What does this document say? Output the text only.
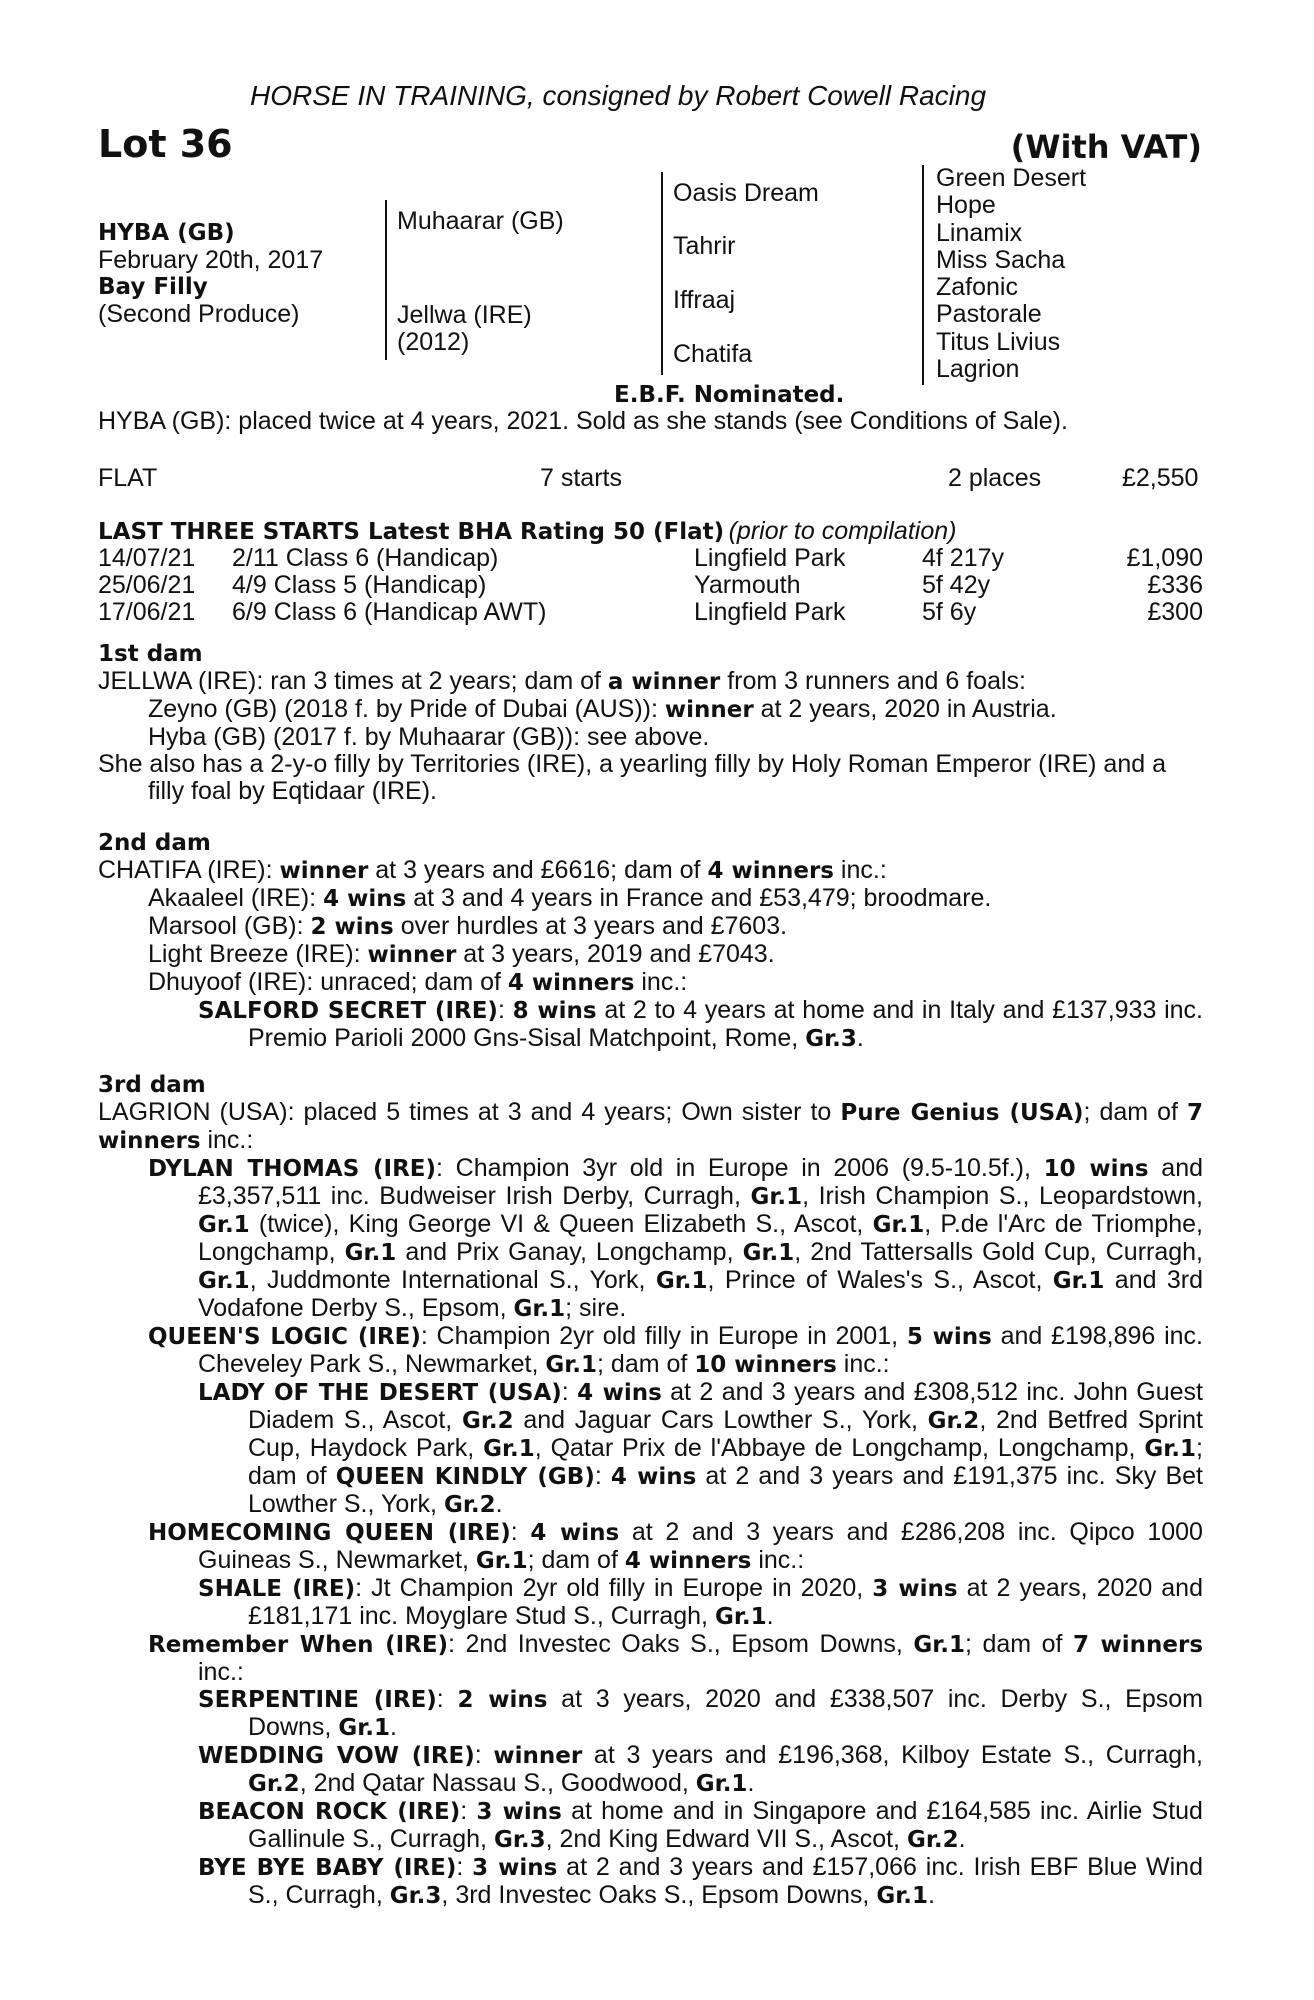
HORSE IN TRAINING, consigned by Robert Cowell Racing
Lot 36	(With VAT)
HYBA (GB)
February 20th, 2017
Bay Filly
(Second Produce)
Muhaarar (GB)
Jellwa (IRE)
(2012)
Oasis Dream
Tahrir
Iffraaj
Chatifa
Green Desert
Hope
Linamix
Miss Sacha
Zafonic
Pastorale
Titus Livius
Lagrion
E.B.F. Nominated.
HYBA (GB): placed twice at 4 years, 2021. Sold as she stands (see Conditions of Sale).
FLAT	7 starts	2 places	£2,550
LAST THREE STARTS Latest BHA Rating 50 (Flat) (prior to compilation)
14/07/21 2/11 Class 6 (Handicap)	Lingfield Park	4f 217y	£1,090
25/06/21 4/9 Class 5 (Handicap)	Yarmouth	5f 42y	£336
17/06/21 6/9 Class 6 (Handicap AWT)	Lingfield Park	5f 6y	£300

1st dam

JELLWA (IRE): ran 3 times at 2 years; dam of a winner from 3 runners and 6 foals:

Zeyno (GB) (2018 f. by Pride of Dubai (AUS)): winner at 2 years, 2020 in Austria.

Hyba (GB) (2017 f. by Muhaarar (GB)): see above.

She also has a 2-y-o filly by Territories (IRE), a yearling filly by Holy Roman Emperor (IRE) and a filly foal by Eqtidaar (IRE).

2nd dam

CHATIFA (IRE): winner at 3 years and £6616; dam of 4 winners inc.:

Akaaleel (IRE): 4 wins at 3 and 4 years in France and £53,479; broodmare.

Marsool (GB): 2 wins over hurdles at 3 years and £7603.

Light Breeze (IRE): winner at 3 years, 2019 and £7043.

Dhuyoof (IRE): unraced; dam of 4 winners inc.:

SALFORD SECRET (IRE): 8 wins at 2 to 4 years at home and in Italy and £137,933 inc. Premio Parioli 2000 Gns-Sisal Matchpoint, Rome, Gr.3.

3rd dam

LAGRION (USA): placed 5 times at 3 and 4 years; Own sister to Pure Genius (USA); dam of 7 winners inc.:

DYLAN THOMAS (IRE): Champion 3yr old in Europe in 2006 (9.5-10.5f.), 10 wins and £3,357,511 inc. Budweiser Irish Derby, Curragh, Gr.1, Irish Champion S., Leopardstown, Gr.1 (twice), King George VI & Queen Elizabeth S., Ascot, Gr.1, P.de l'Arc de Triomphe, Longchamp, Gr.1 and Prix Ganay, Longchamp, Gr.1, 2nd Tattersalls Gold Cup, Curragh, Gr.1, Juddmonte International S., York, Gr.1, Prince of Wales's S., Ascot, Gr.1 and 3rd Vodafone Derby S., Epsom, Gr.1; sire.

QUEEN'S LOGIC (IRE): Champion 2yr old filly in Europe in 2001, 5 wins and £198,896 inc. Cheveley Park S., Newmarket, Gr.1; dam of 10 winners inc.:

LADY OF THE DESERT (USA): 4 wins at 2 and 3 years and £308,512 inc. John Guest Diadem S., Ascot, Gr.2 and Jaguar Cars Lowther S., York, Gr.2, 2nd Betfred Sprint Cup, Haydock Park, Gr.1, Qatar Prix de l'Abbaye de Longchamp, Longchamp, Gr.1; dam of QUEEN KINDLY (GB): 4 wins at 2 and 3 years and £191,375 inc. Sky Bet Lowther S., York, Gr.2.

HOMECOMING QUEEN (IRE): 4 wins at 2 and 3 years and £286,208 inc. Qipco 1000 Guineas S., Newmarket, Gr.1; dam of 4 winners inc.:

SHALE (IRE): Jt Champion 2yr old filly in Europe in 2020, 3 wins at 2 years, 2020 and £181,171 inc. Moyglare Stud S., Curragh, Gr.1.

Remember When (IRE): 2nd Investec Oaks S., Epsom Downs, Gr.1; dam of 7 winners inc.:

SERPENTINE (IRE): 2 wins at 3 years, 2020 and £338,507 inc. Derby S., Epsom Downs, Gr.1.

WEDDING VOW (IRE): winner at 3 years and £196,368, Kilboy Estate S., Curragh, Gr.2, 2nd Qatar Nassau S., Goodwood, Gr.1.

BEACON ROCK (IRE): 3 wins at home and in Singapore and £164,585 inc. Airlie Stud Gallinule S., Curragh, Gr.3, 2nd King Edward VII S., Ascot, Gr.2.

BYE BYE BABY (IRE): 3 wins at 2 and 3 years and £157,066 inc. Irish EBF Blue Wind S., Curragh, Gr.3, 3rd Investec Oaks S., Epsom Downs, Gr.1.
